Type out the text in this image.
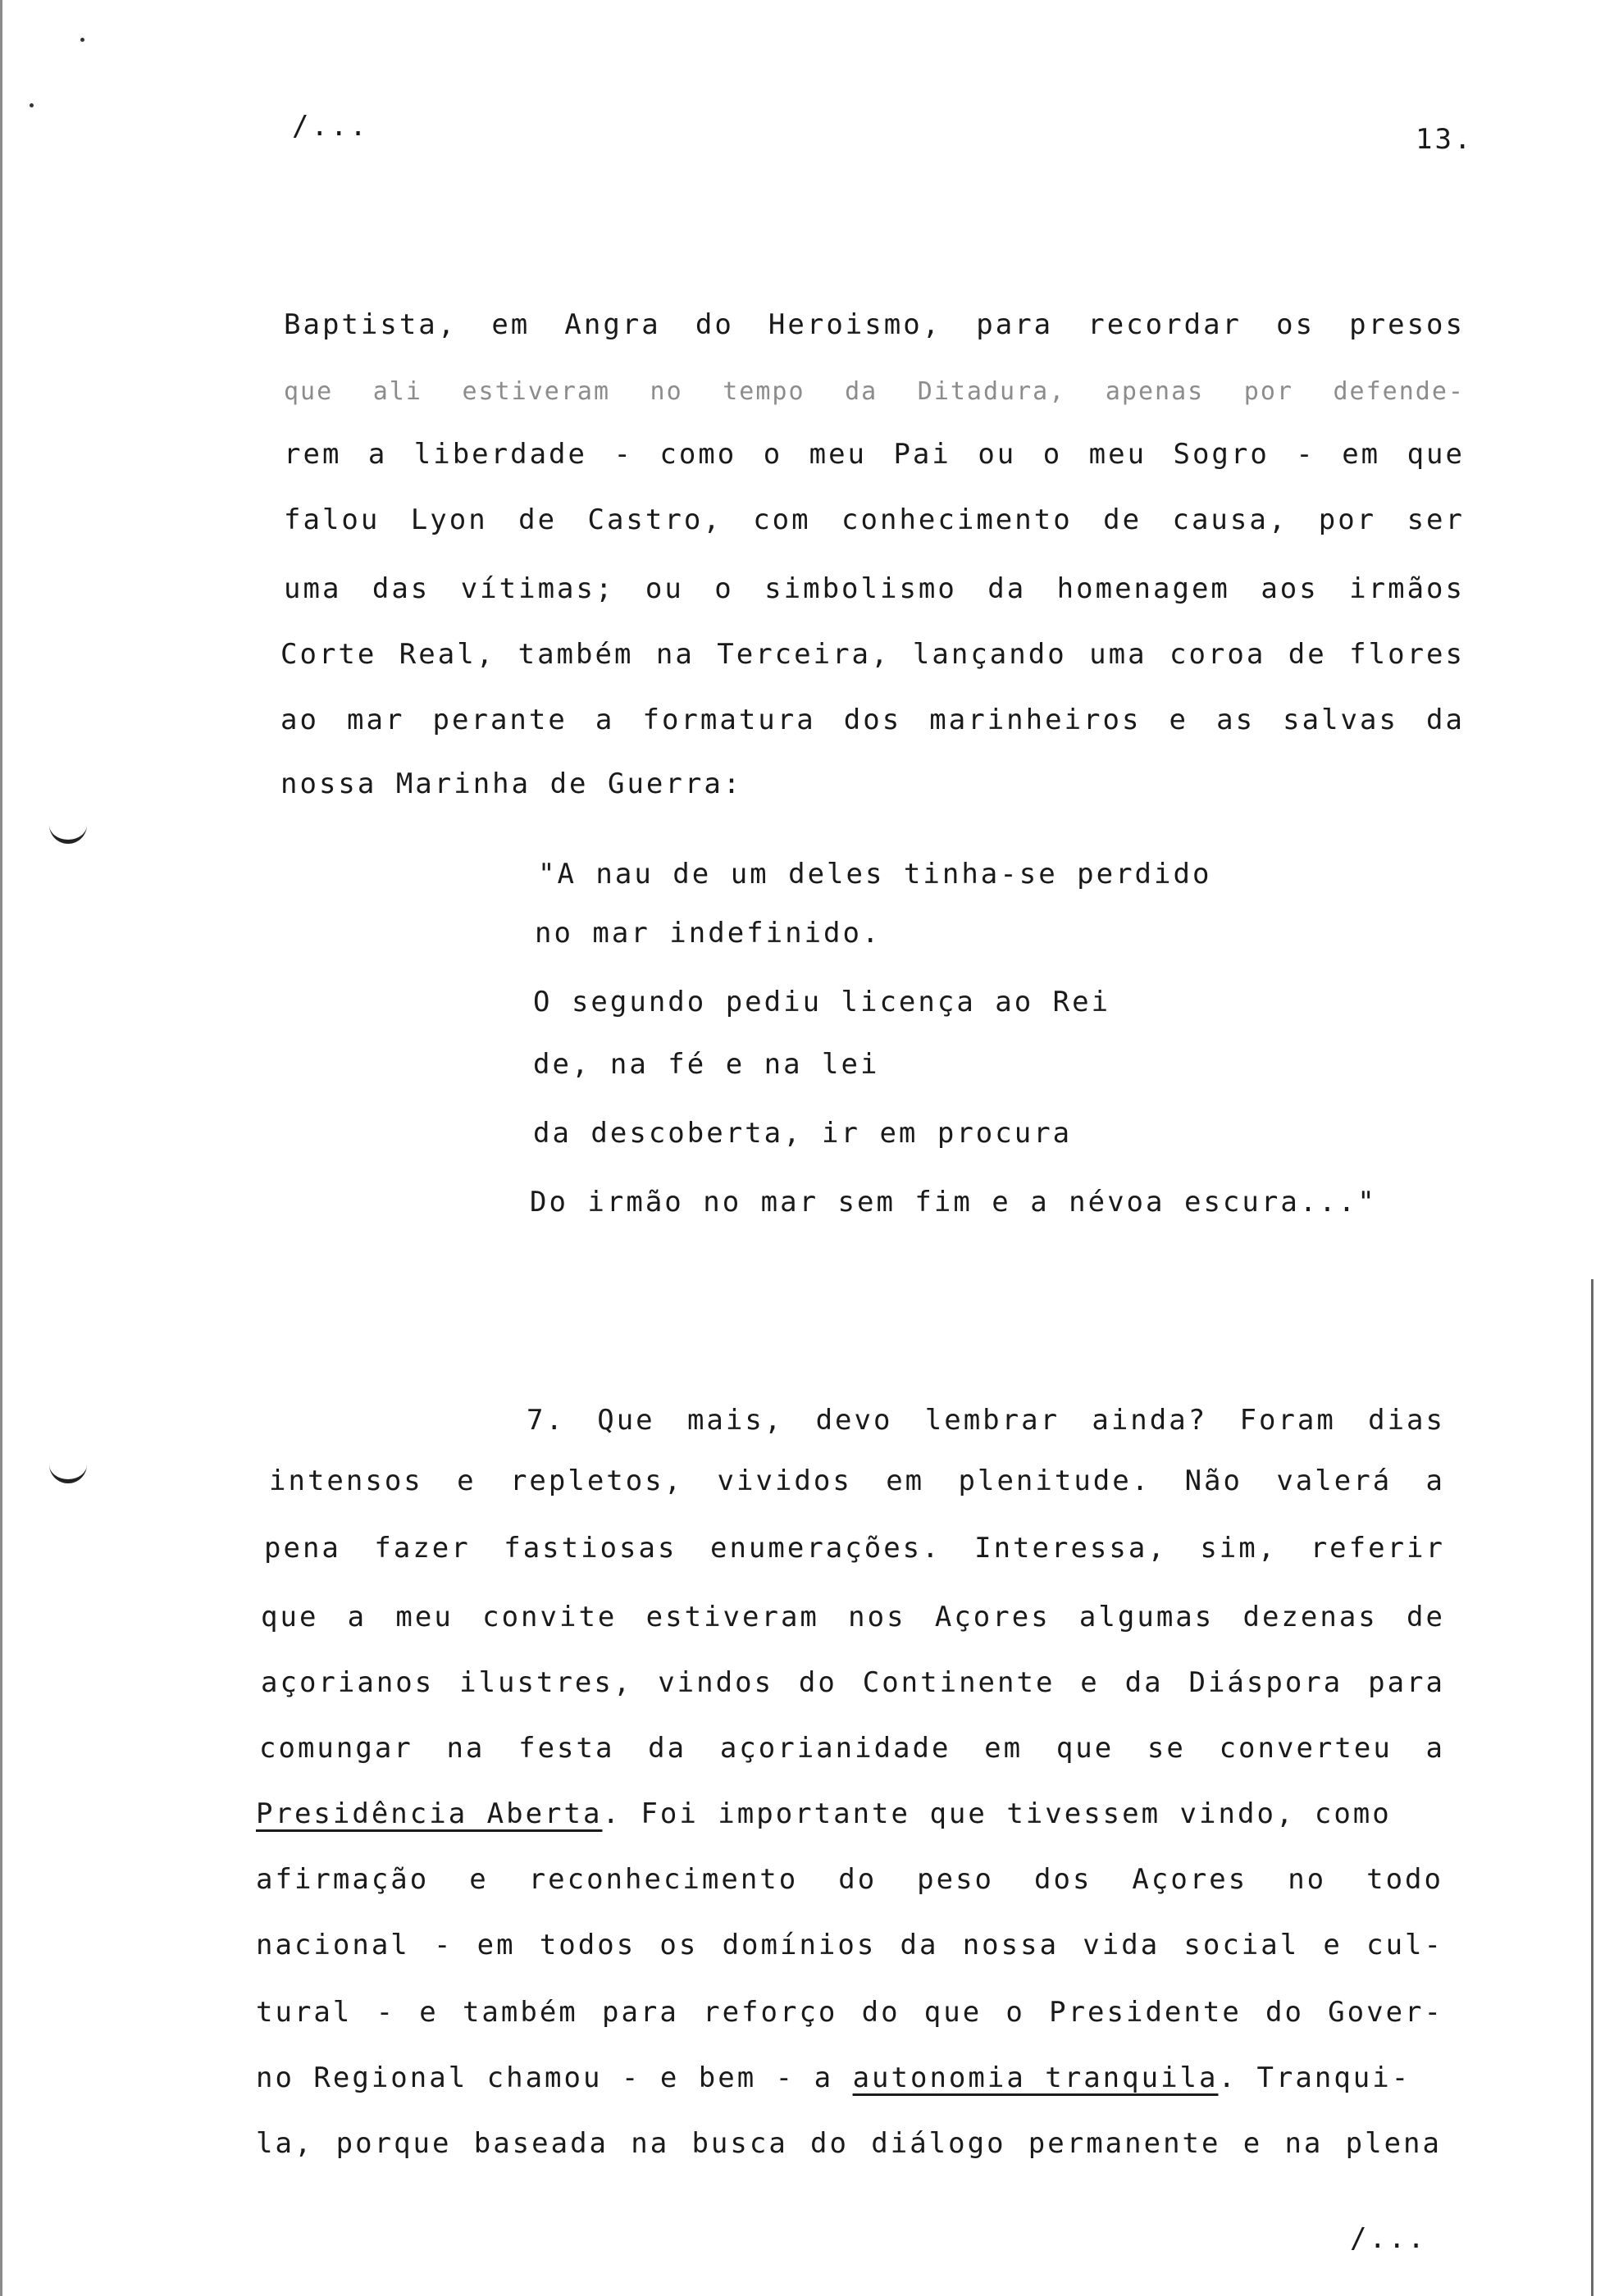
/...	13.
Baptista, em Angra do Heroismo, para recordar os presos
que ali estiveram no tempo da Ditadura, apenas por defende-
rem a liberdade - como o meu Pai ou o meu Sogro - em que
falou Lyon de Castro, com conhecimento de causa, por ser
uma das vítimas; ou o simbolismo da homenagem aos irmãos
Corte Real, também na Terceira, lançando uma coroa de flores
ao mar perante a formatura dos marinheiros e as salvas da
nossa Marinha de Guerra:
"A nau de um deles tinha-se perdido
no mar indefinido.
O segundo pediu licença ao Rei
de, na fé e na lei
da descoberta, ir em procura
Do irmão no mar sem fim e a névoa escura..."
7. Que mais, devo lembrar ainda? Foram dias
intensos e repletos, vividos em plenitude. Não valerá a
pena fazer fastiosas enumerações. Interessa, sim, referir
que a meu convite estiveram nos Açores algumas dezenas de
açorianos ilustres, vindos do Continente e da Diáspora para
comungar na festa da açorianidade em que se converteu a
Presidência Aberta. Foi importante que tivessem vindo, como
afirmação e reconhecimento do peso dos Açores no todo
nacional - em todos os domínios da nossa vida social e cul-
tural - e também para reforço do que o Presidente do Gover-
no Regional chamou - e bem - a autonomia tranquila. Tranqui-
la, porque baseada na busca do diálogo permanente e na plena
/...
